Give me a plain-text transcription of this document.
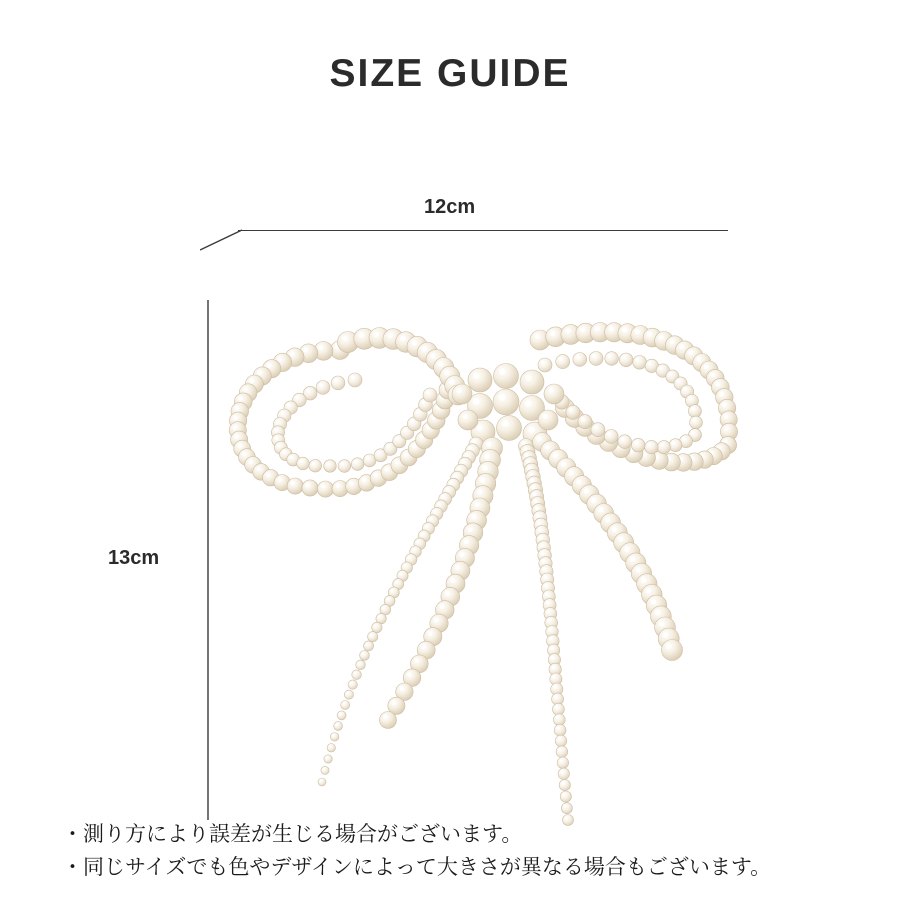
SIZE GUIDE
12cm
13cm
・測り方により誤差が生じる場合がございます。
・同じサイズでも色やデザインによって大きさが異なる場合もございます。
